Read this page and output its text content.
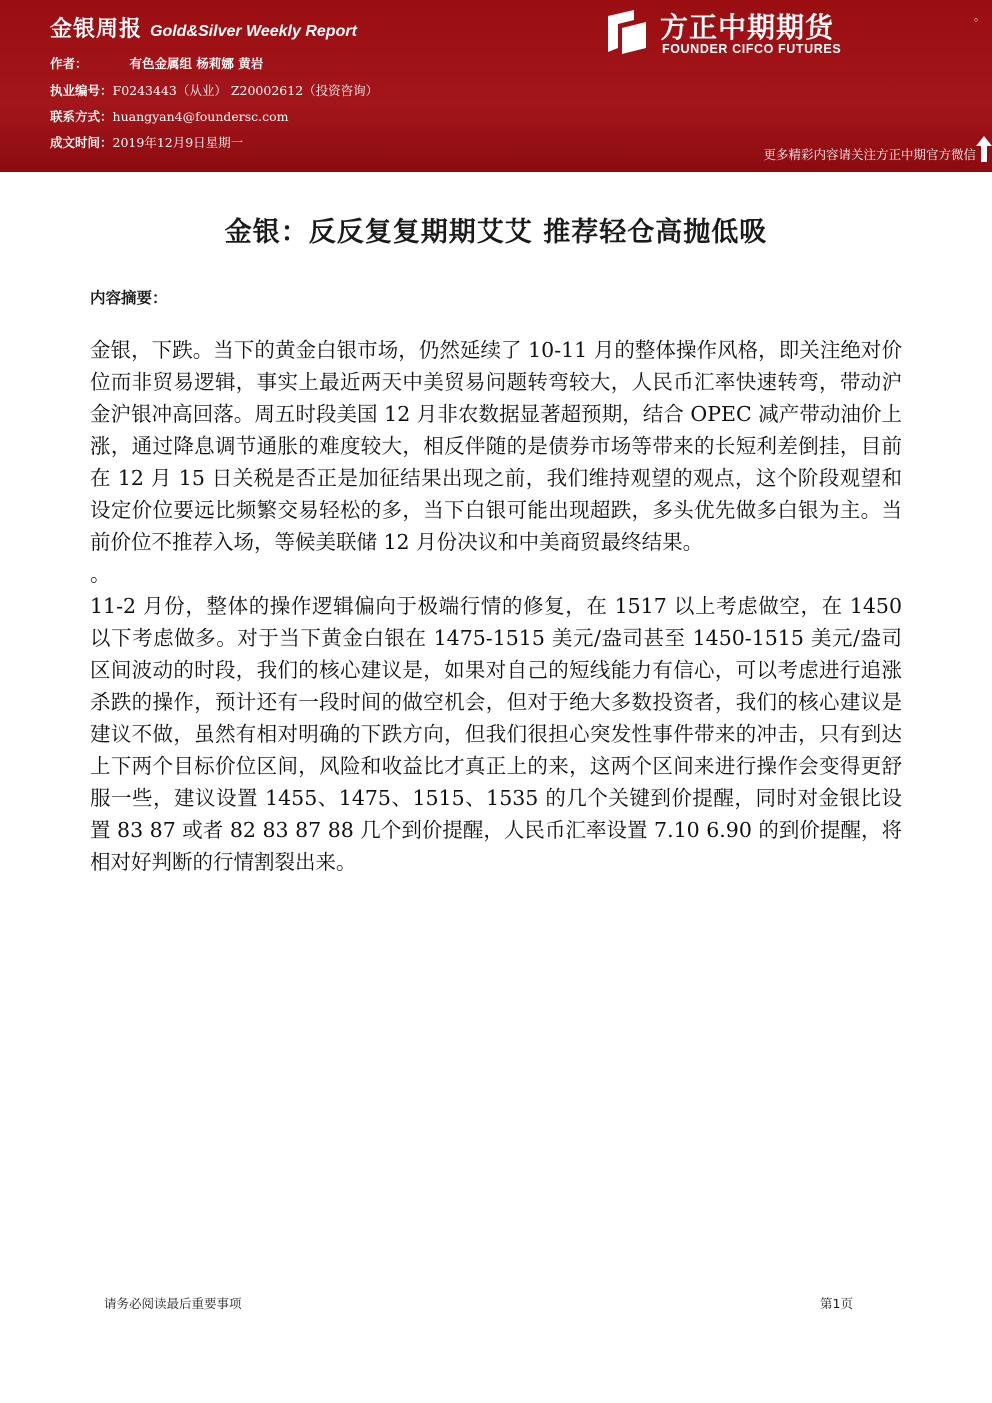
金银周报 Gold&Silver Weekly Report
作者：	有色金属组 杨莉娜 黄岩
执业编号：F0243443（从业） Z20002612（投资咨询）
联系方式：huangyan4@foundersc.com
成文时间：2019年12月9日星期一
方正中期期货
FOUNDER CIFCO FUTURES
。
更多精彩内容请关注方正中期官方微信
金银：反反复复期期艾艾 推荐轻仓高抛低吸
内容摘要：

金银，下跌。当下的黄金白银市场，仍然延续了 10-11 月的整体操作风格，即关注绝对价位而非贸易逻辑，事实上最近两天中美贸易问题转弯较大，人民币汇率快速转弯，带动沪金沪银冲高回落。周五时段美国 12 月非农数据显著超预期，结合 OPEC 减产带动油价上涨，通过降息调节通胀的难度较大，相反伴随的是债券市场等带来的长短利差倒挂，目前在 12 月 15 日关税是否正是加征结果出现之前，我们维持观望的观点，这个阶段观望和设定价位要远比频繁交易轻松的多，当下白银可能出现超跌，多头优先做多白银为主。当前价位不推荐入场，等候美联储 12 月份决议和中美商贸最终结果。

。

11-2 月份，整体的操作逻辑偏向于极端行情的修复，在 1517 以上考虑做空，在 1450 以下考虑做多。对于当下黄金白银在 1475-1515 美元/盎司甚至 1450-1515 美元/盎司区间波动的时段，我们的核心建议是，如果对自己的短线能力有信心，可以考虑进行追涨杀跌的操作，预计还有一段时间的做空机会，但对于绝大多数投资者，我们的核心建议是建议不做，虽然有相对明确的下跌方向，但我们很担心突发性事件带来的冲击，只有到达上下两个目标价位区间，风险和收益比才真正上的来，这两个区间来进行操作会变得更舒服一些，建议设置 1455、1475、1515、1535 的几个关键到价提醒，同时对金银比设置 83 87 或者 82 83 87 88 几个到价提醒，人民币汇率设置 7.10 6.90 的到价提醒，将相对好判断的行情割裂出来。

请务必阅读最后重要事项	第1页
